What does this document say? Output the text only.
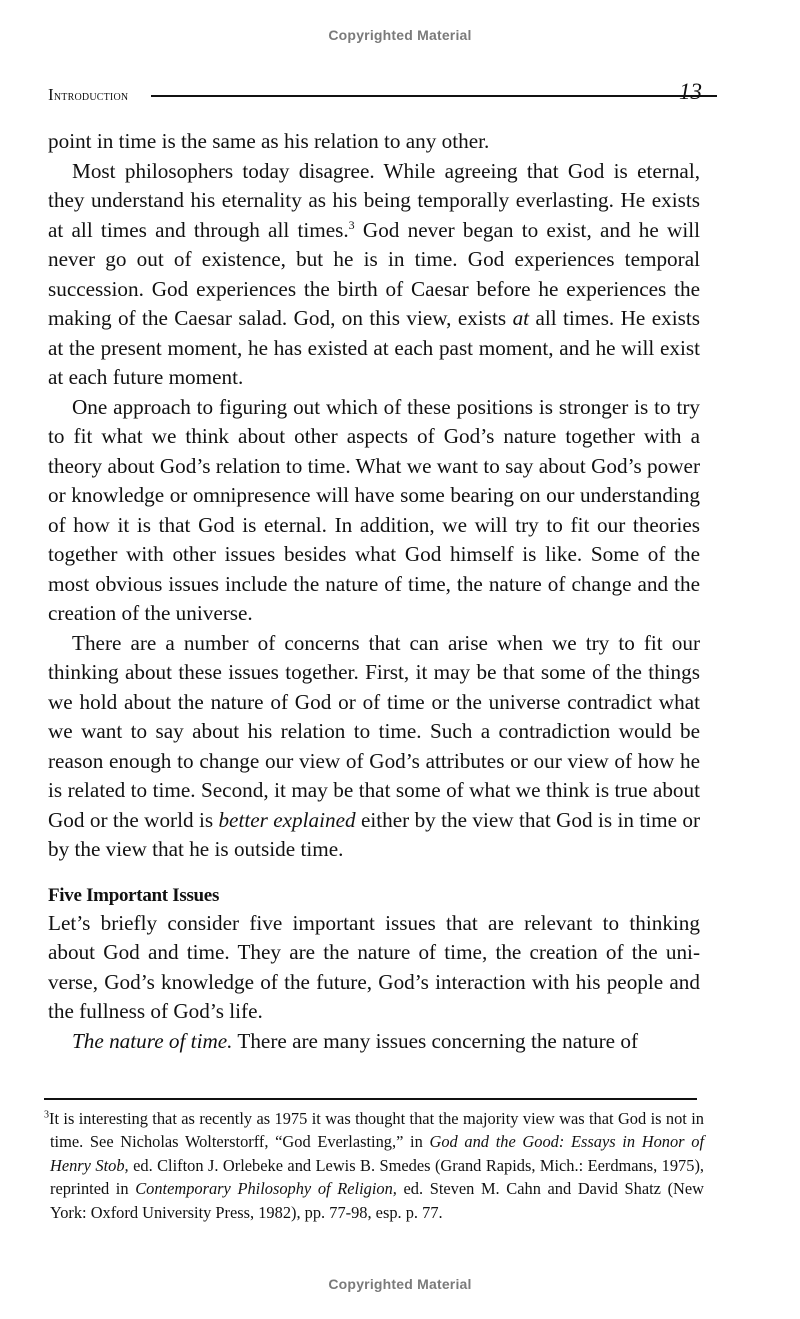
Copyrighted Material
Introduction	13

point in time is the same as his relation to any other.

Most philosophers today disagree. While agreeing that God is eternal, they understand his eternality as his being temporally everlasting. He exists at all times and through all times.$^3$ God never began to exist, and he will never go out of existence, but he is in time. God experiences temporal succession. God experiences the birth of Caesar before he experiences the making of the Caesar salad. God, on this view, exists at all times. He exists at the present moment, he has existed at each past moment, and he will exist at each future moment.

One approach to figuring out which of these positions is stronger is to try to fit what we think about other aspects of God’s nature together with a theory about God’s relation to time. What we want to say about God’s power or knowledge or omnipresence will have some bearing on our understanding of how it is that God is eternal. In addition, we will try to fit our theories together with other issues besides what God himself is like. Some of the most obvious issues include the nature of time, the nature of change and the creation of the universe.

There are a number of concerns that can arise when we try to fit our thinking about these issues together. First, it may be that some of the things we hold about the nature of God or of time or the universe contradict what we want to say about his relation to time. Such a contradiction would be reason enough to change our view of God’s attributes or our view of how he is related to time. Second, it may be that some of what we think is true about God or the world is better explained either by the view that God is in time or by the view that he is outside time.

Five Important Issues

Let’s briefly consider five important issues that are relevant to thinking about God and time. They are the nature of time, the creation of the universe, God’s knowledge of the future, God’s interaction with his people and the fullness of God’s life.

The nature of time. There are many issues concerning the nature of

$^3$It is interesting that as recently as 1975 it was thought that the majority view was that God is not in time. See Nicholas Wolterstorff, “God Everlasting,” in God and the Good: Essays in Honor of Henry Stob, ed. Clifton J. Orlebeke and Lewis B. Smedes (Grand Rapids, Mich.: Eerdmans, 1975), reprinted in Contemporary Philosophy of Religion, ed. Steven M. Cahn and David Shatz (New York: Oxford University Press, 1982), pp. 77-98, esp. p. 77.
Copyrighted Material
